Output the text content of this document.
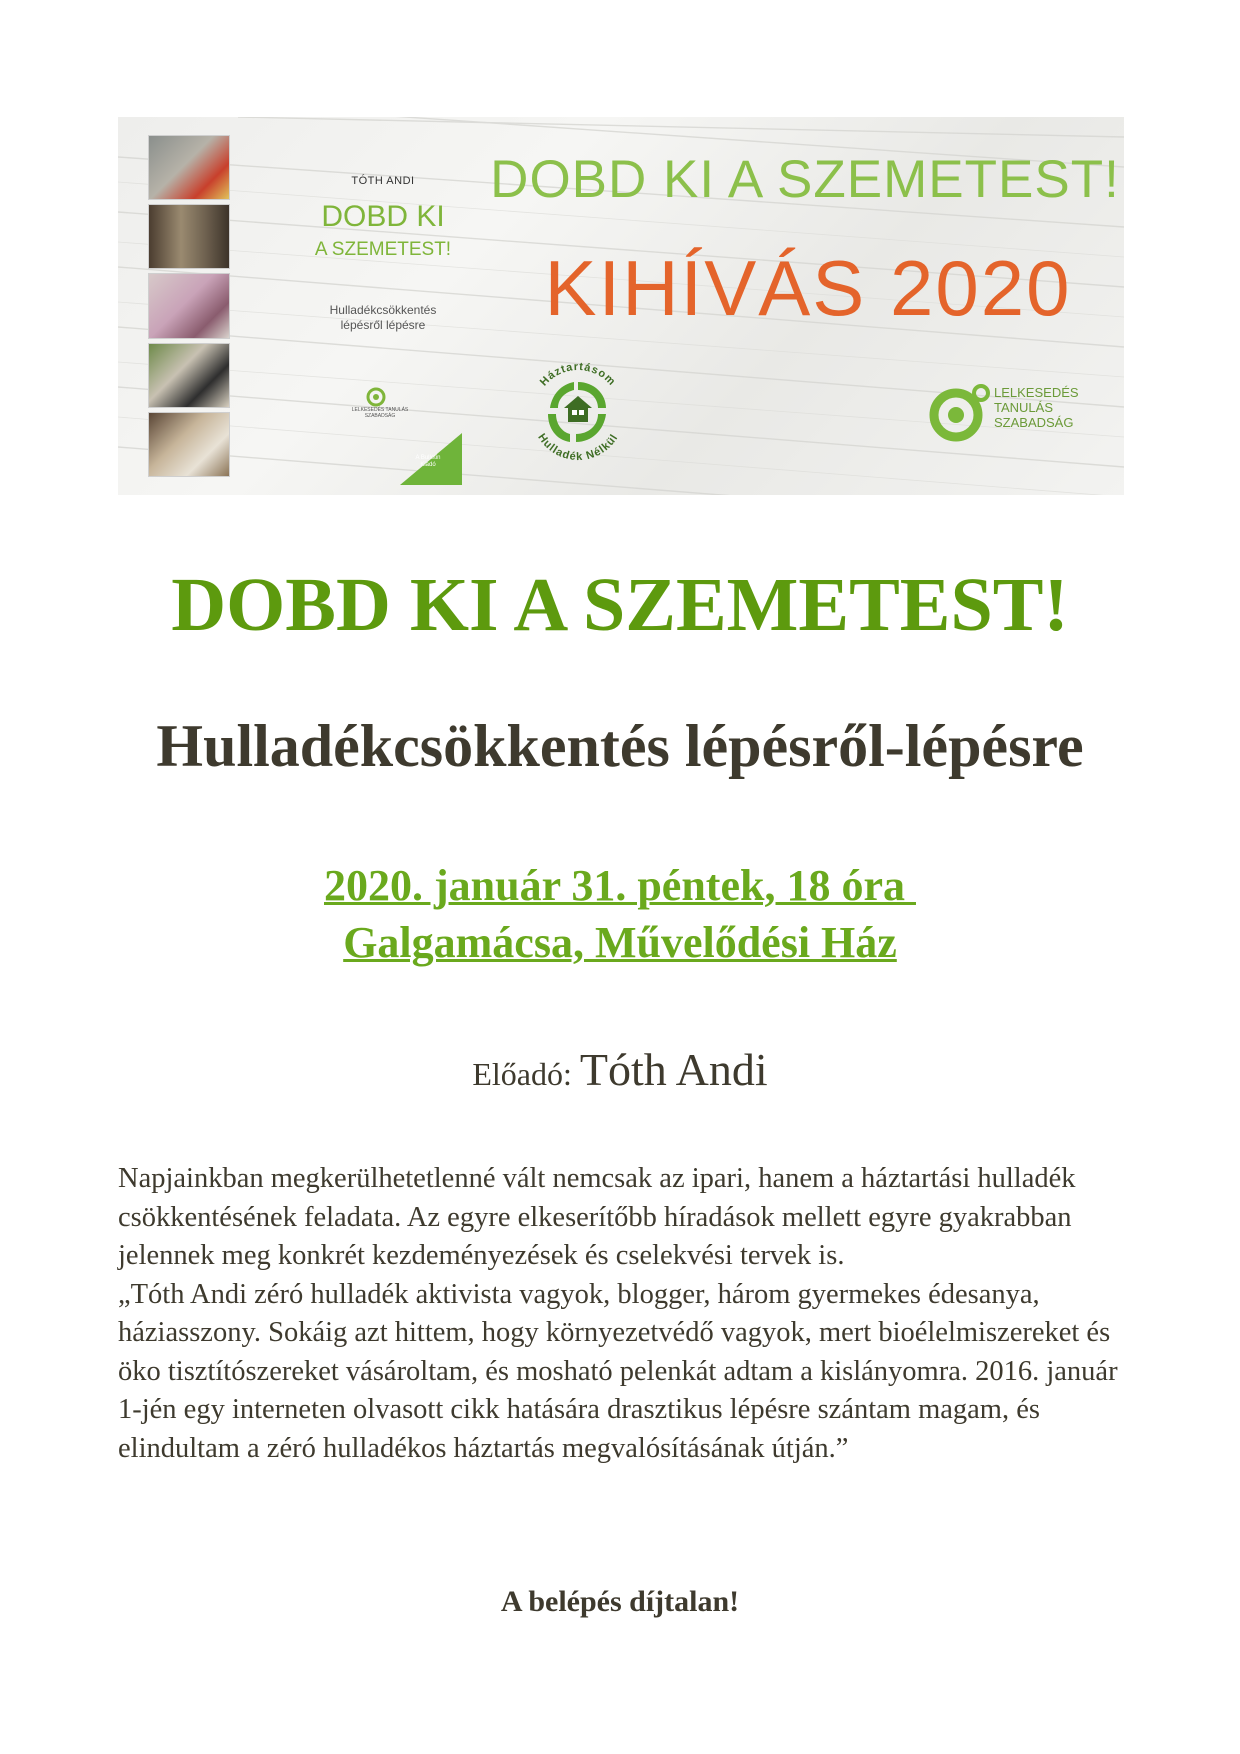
TÓTH ANDI
DOBD KI
A SZEMETEST!
Hulladékcsökkentés
lépésről lépésre
LELKESEDÉS TANULÁS SZABADSÁG
A Bulletin Kiadó
DOBD KI A SZEMETEST!
KIHÍVÁS 2020
Háztartásom
Hulladék Nélkül
LELKESEDÉS
TANULÁS
SZABADSÁG
DOBD KI A SZEMETEST!
Hulladékcsökkentés lépésről-lépésre
2020. január 31. péntek, 18 óra
Galgamácsa, Művelődési Ház
Előadó: Tóth Andi

Napjainkban megkerülhetetlenné vált nemcsak az ipari, hanem a háztartási hulladék csökkentésének feladata. Az egyre elkeserítőbb híradások mellett egyre gyakrabban jelennek meg konkrét kezdeményezések és cselekvési tervek is.

„Tóth Andi zéró hulladék aktivista vagyok, blogger, három gyermekes édesanya, háziasszony. Sokáig azt hittem, hogy környezetvédő vagyok, mert bioélelmiszereket és öko tisztítószereket vásároltam, és mosható pelenkát adtam a kislányomra. 2016. január 1-jén egy interneten olvasott cikk hatására drasztikus lépésre szántam magam, és elindultam a zéró hulladékos háztartás megvalósításának útján.”

A belépés díjtalan!
